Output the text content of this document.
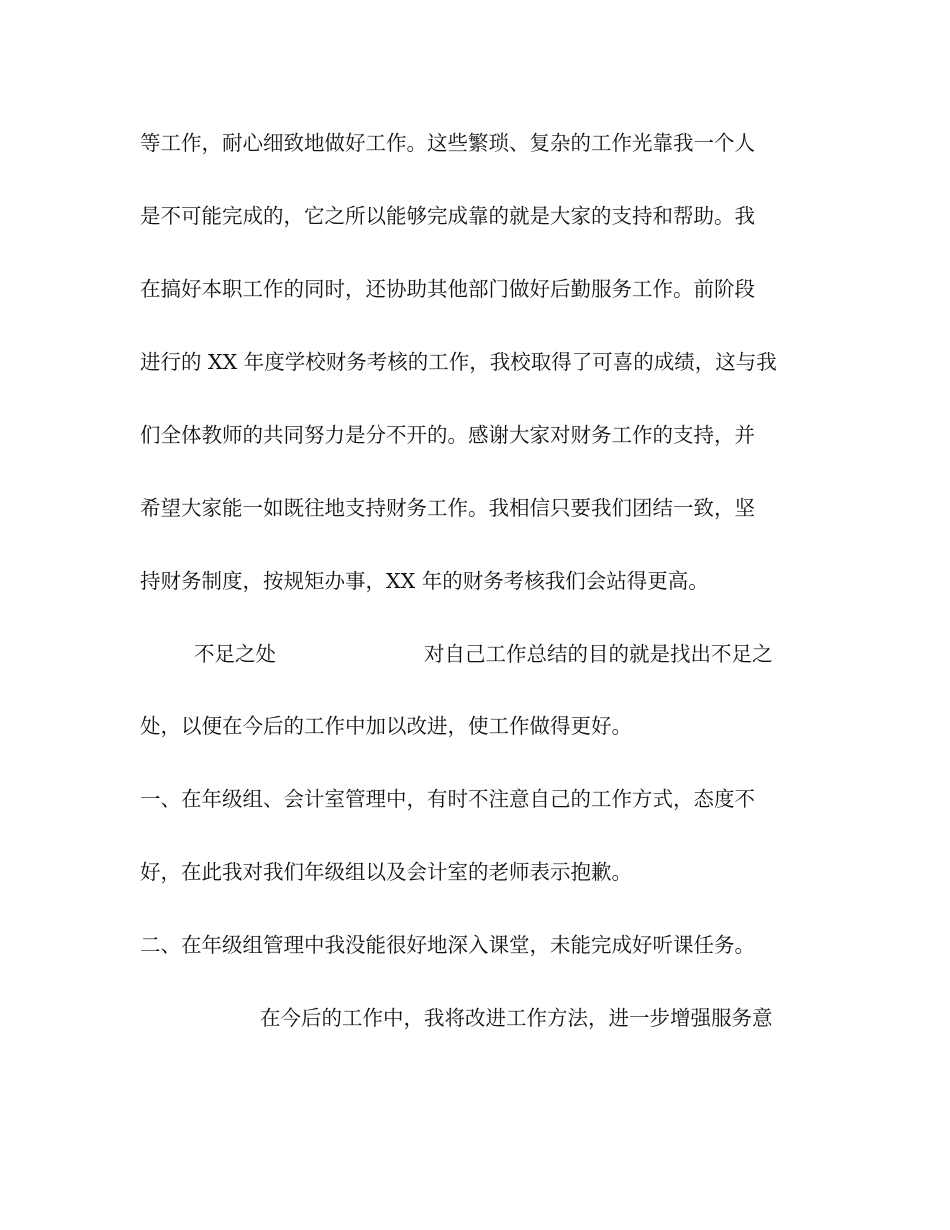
等工作，耐心细致地做好工作。这些繁琐、复杂的工作光靠我一个人

是不可能完成的，它之所以能够完成靠的就是大家的支持和帮助。我

在搞好本职工作的同时，还协助其他部门做好后勤服务工作。前阶段

进行的 XX 年度学校财务考核的工作，我校取得了可喜的成绩，这与我

们全体教师的共同努力是分不开的。感谢大家对财务工作的支持，并

希望大家能一如既往地支持财务工作。我相信只要我们团结一致，坚

持财务制度，按规矩办事，XX 年的财务考核我们会站得更高。

不足之处	对自己工作总结的目的就是找出不足之

处，以便在今后的工作中加以改进，使工作做得更好。

一、在年级组、会计室管理中，有时不注意自己的工作方式，态度不

好，在此我对我们年级组以及会计室的老师表示抱歉。

二、在年级组管理中我没能很好地深入课堂，未能完成好听课任务。

在今后的工作中，我将改进工作方法，进一步增强服务意
